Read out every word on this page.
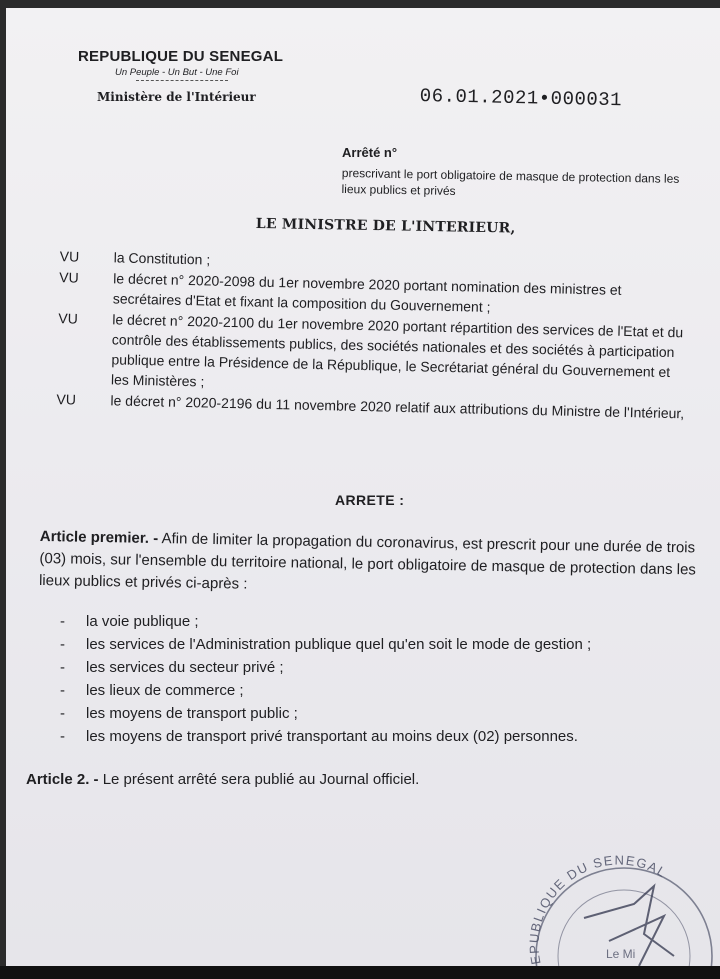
REPUBLIQUE DU SENEGAL
Un Peuple - Un But - Une Foi
Ministère de l'Intérieur	06.01.2021•000031
Arrêté n°
prescrivant le port obligatoire de masque de protection dans les lieux publics et privés
LE MINISTRE DE L'INTERIEUR,
VU	la Constitution ;
VU	le décret n° 2020-2098 du 1er novembre 2020 portant nomination des ministres et secrétaires d'Etat et fixant la composition du Gouvernement ;
VU	le décret n° 2020-2100 du 1er novembre 2020 portant répartition des services de l'Etat et du contrôle des établissements publics, des sociétés nationales et des sociétés à participation publique entre la Présidence de la République, le Secrétariat général du Gouvernement et les Ministères ;
VU	le décret n° 2020-2196 du 11 novembre 2020 relatif aux attributions du Ministre de l'Intérieur,
ARRETE :
Article premier. - Afin de limiter la propagation du coronavirus, est prescrit pour une durée de trois (03) mois, sur l'ensemble du territoire national, le port obligatoire de masque de protection dans les lieux publics et privés ci-après :
-	la voie publique ;
-	les services de l'Administration publique quel qu'en soit le mode de gestion ;
-	les services du secteur privé ;
-	les lieux de commerce ;
-	les moyens de transport public ;
-	les moyens de transport privé transportant au moins deux (02) personnes.
Article 2. - Le présent arrêté sera publié au Journal officiel.
EPUBLIQUE DU SENEGAL
Le Mi
